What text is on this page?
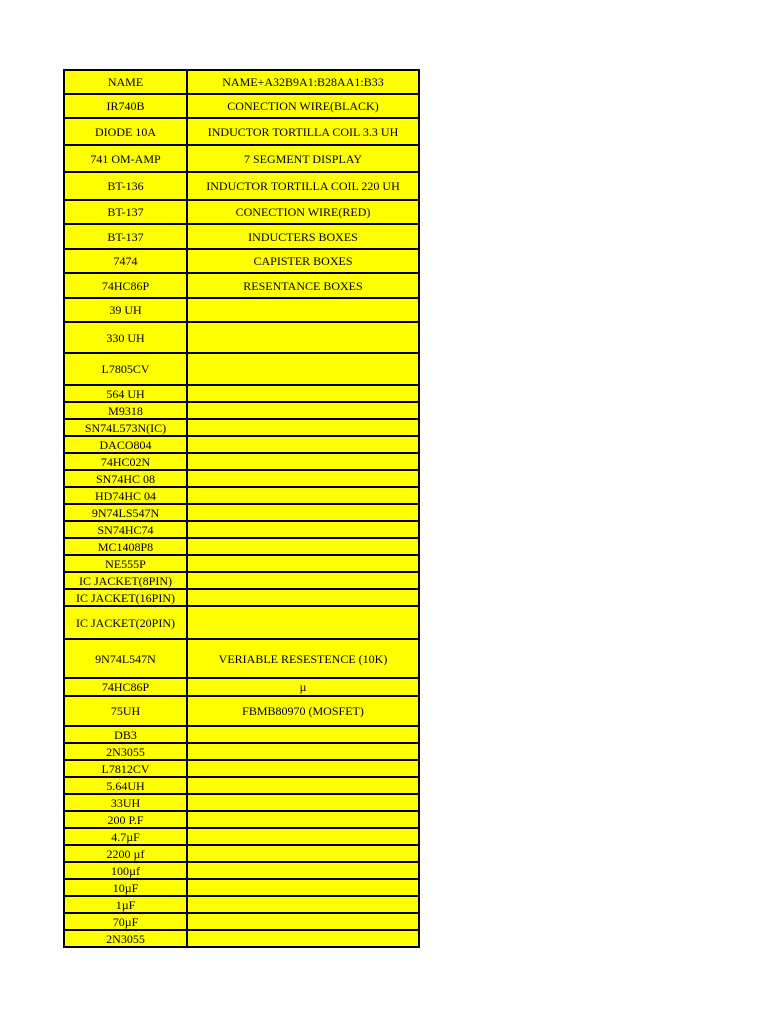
NAME	NAME+A32B9A1:B28AA1:B33
IR740B	CONECTION WIRE(BLACK)
DIODE 10A	INDUCTOR TORTILLA COIL 3.3 UH
741 OM-AMP	7 SEGMENT DISPLAY
BT-136	INDUCTOR TORTILLA COIL 220 UH
BT-137	CONECTION WIRE(RED)
BT-137	INDUCTERS BOXES
7474	CAPISTER BOXES
74HC86P	RESENTANCE BOXES
39 UH	
330 UH	
L7805CV	
564 UH	
M9318	
SN74L573N(IC)	
DACO804	
74HC02N	
SN74HC 08	
HD74HC 04	
9N74LS547N	
SN74HC74	
MC1408P8	
NE555P	
IC JACKET(8PIN)	
IC JACKET(16PIN)	
IC JACKET(20PIN)	
9N74L547N	VERIABLE RESESTENCE (10K)
74HC86P	µ
75UH	FBMB80970 (MOSFET)
DB3	
2N3055	
L7812CV	
5.64UH	
33UH	
200 P.F	
4.7µF	
2200 µf	
100µf	
10µF	
1µF	
70µF	
2N3055	
